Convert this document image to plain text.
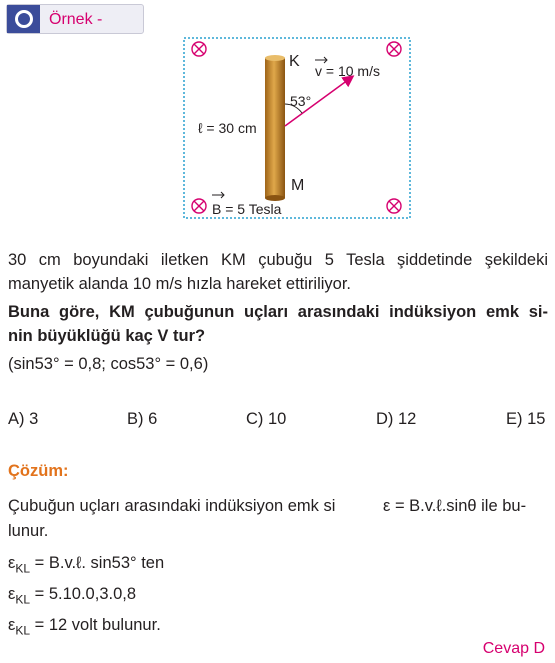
Örnek -
K
M
v = 10 m/s
53°
ℓ = 30 cm
B = 5 Tesla
30 cm boyundaki iletken KM çubuğu 5 Tesla şiddetinde şekildeki
manyetik alanda 10 m/s hızla hareket ettiriliyor.
Buna göre, KM çubuğunun uçları arasındaki indüksiyon emk si-
nin büyüklüğü kaç V tur?
(sin53° = 0,8; cos53° = 0,6)
A) 3	B) 6	C) 10	D) 12	E) 15
Çözüm:
Çubuğun uçları arasındaki indüksiyon emk si	ε = B.v.ℓ.sinθ ile bu-
lunur.
$\varepsilon_{KL}$ = B.v.ℓ. sin53° ten
$\varepsilon_{KL} = 5.10.0,3.0,8$
$\varepsilon_{KL} = 12$ volt bulunur.
Cevap D
